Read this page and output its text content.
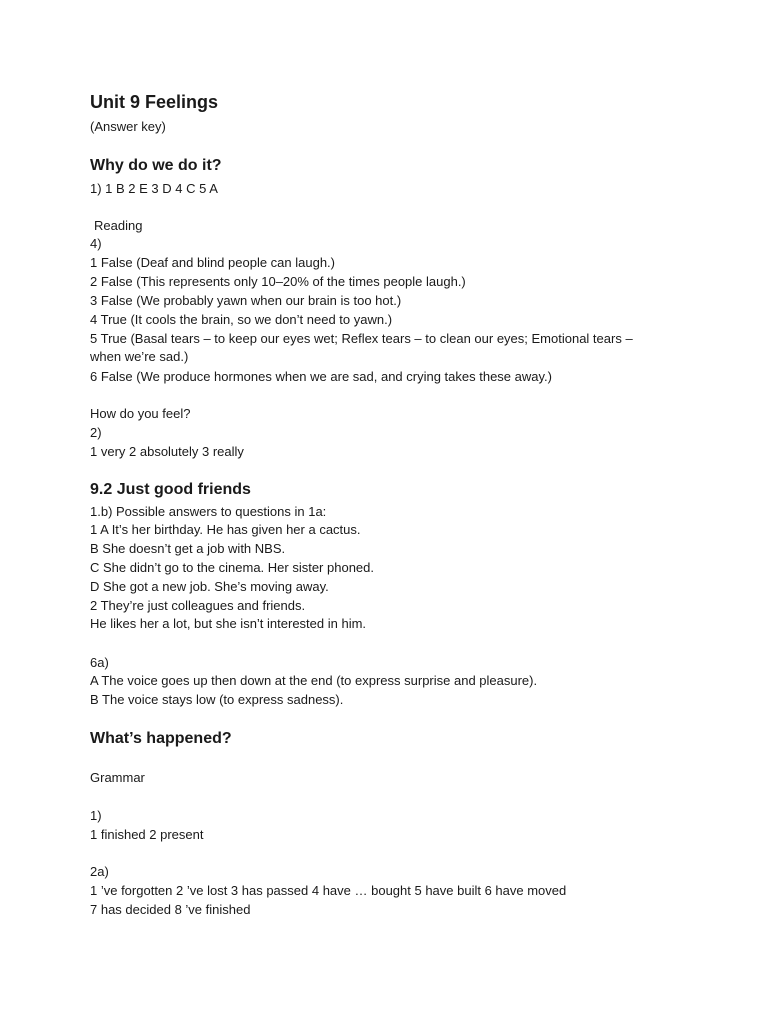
Unit 9 Feelings
(Answer key)
Why do we do it?
1) 1 B 2 E 3 D 4 C 5 A
Reading
4)
1 False (Deaf and blind people can laugh.)
2 False (This represents only 10–20% of the times people laugh.)
3 False (We probably yawn when our brain is too hot.)
4 True (It cools the brain, so we don’t need to yawn.)
5 True (Basal tears – to keep our eyes wet; Reflex tears – to clean our eyes; Emotional tears –
when we’re sad.)
6 False (We produce hormones when we are sad, and crying takes these away.)
How do you feel?
2)
1 very 2 absolutely 3 really
9.2 Just good friends
1.b) Possible answers to questions in 1a:
1 A It’s her birthday. He has given her a cactus.
B She doesn’t get a job with NBS.
C She didn’t go to the cinema. Her sister phoned.
D She got a new job. She’s moving away.
2 They’re just colleagues and friends.
He likes her a lot, but she isn’t interested in him.
6a)
A The voice goes up then down at the end (to express surprise and pleasure).
B The voice stays low (to express sadness).
What’s happened?
Grammar
1)
1 finished 2 present
2a)
1 ’ve forgotten 2 ’ve lost 3 has passed 4 have … bought 5 have built 6 have moved
7 has decided 8 ’ve finished
